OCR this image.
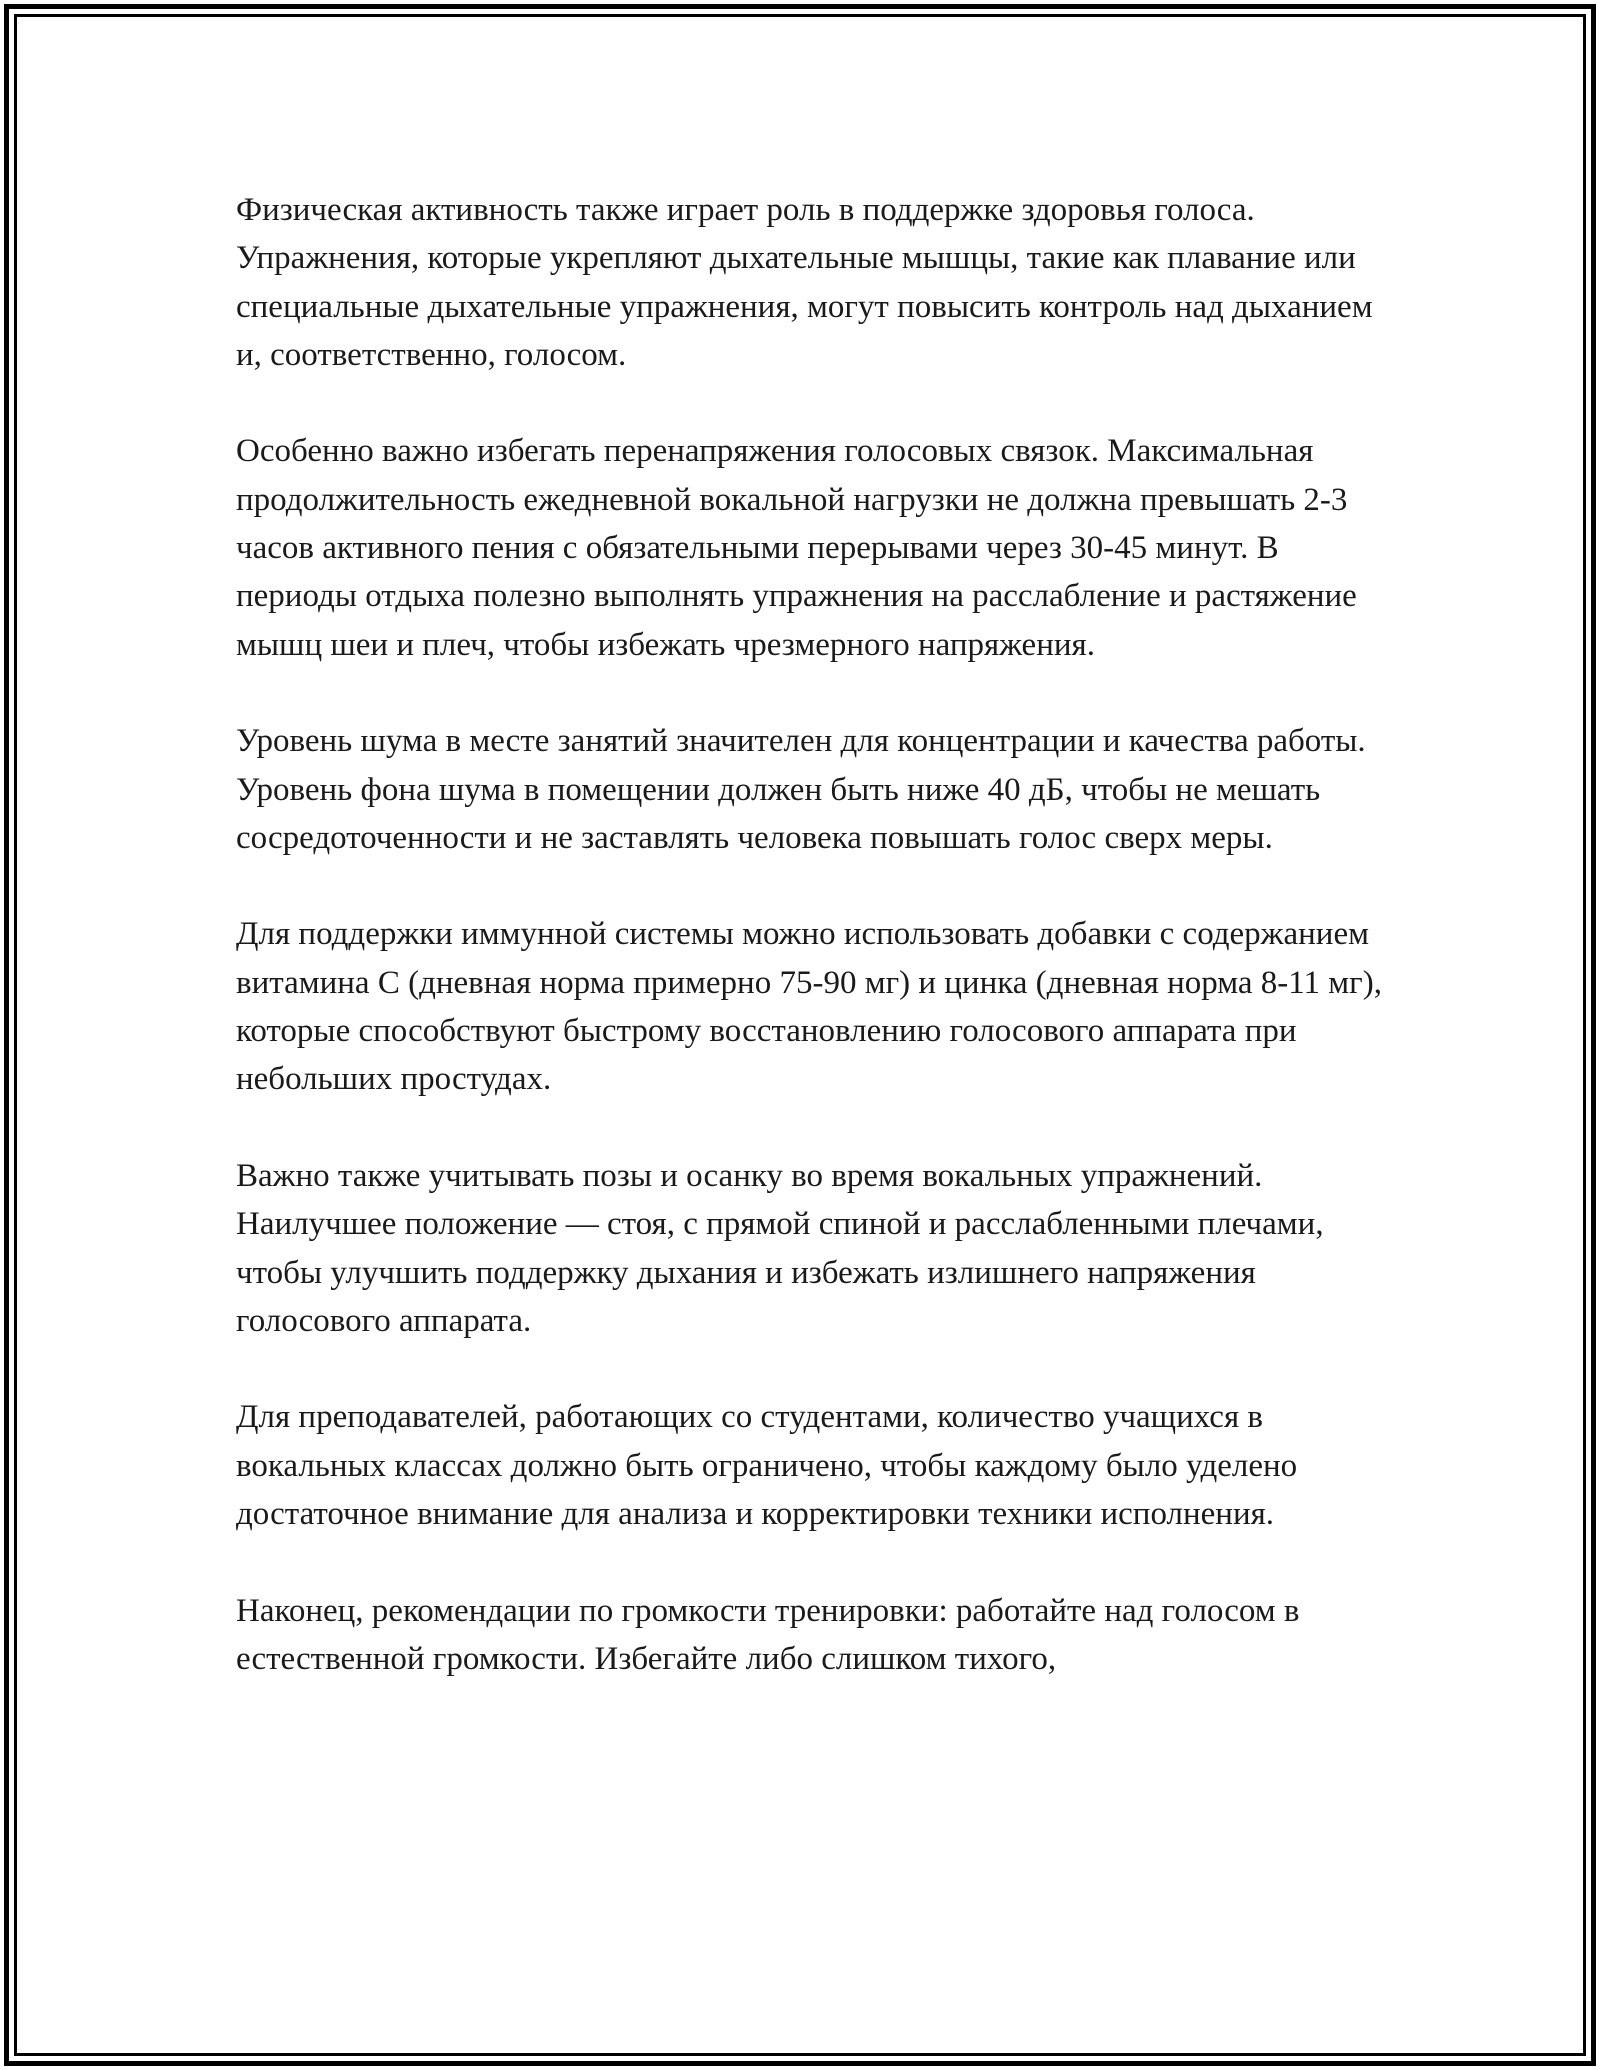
Физическая активность также играет роль в поддержке здоровья голоса. Упражнения, которые укрепляют дыхательные мышцы, такие как плавание или специальные дыхательные упражнения, могут повысить контроль над дыханием и, соответственно, голосом.

Особенно важно избегать перенапряжения голосовых связок. Максимальная продолжительность ежедневной вокальной нагрузки не должна превышать 2-3 часов активного пения с обязательными перерывами через 30-45 минут. В периоды отдыха полезно выполнять упражнения на расслабление и растяжение мышц шеи и плеч, чтобы избежать чрезмерного напряжения.

Уровень шума в месте занятий значителен для концентрации и качества работы. Уровень фона шума в помещении должен быть ниже 40 дБ, чтобы не мешать сосредоточенности и не заставлять человека повышать голос сверх меры.

Для поддержки иммунной системы можно использовать добавки с содержанием витамина С (дневная норма примерно 75-90 мг) и цинка (дневная норма 8-11 мг), которые способствуют быстрому восстановлению голосового аппарата при небольших простудах.

Важно также учитывать позы и осанку во время вокальных упражнений. Наилучшее положение — стоя, с прямой спиной и расслабленными плечами, чтобы улучшить поддержку дыхания и избежать излишнего напряжения голосового аппарата.

Для преподавателей, работающих со студентами, количество учащихся в вокальных классах должно быть ограничено, чтобы каждому было уделено достаточное внимание для анализа и корректировки техники исполнения.

Наконец, рекомендации по громкости тренировки: работайте над голосом в естественной громкости. Избегайте либо слишком тихого,
